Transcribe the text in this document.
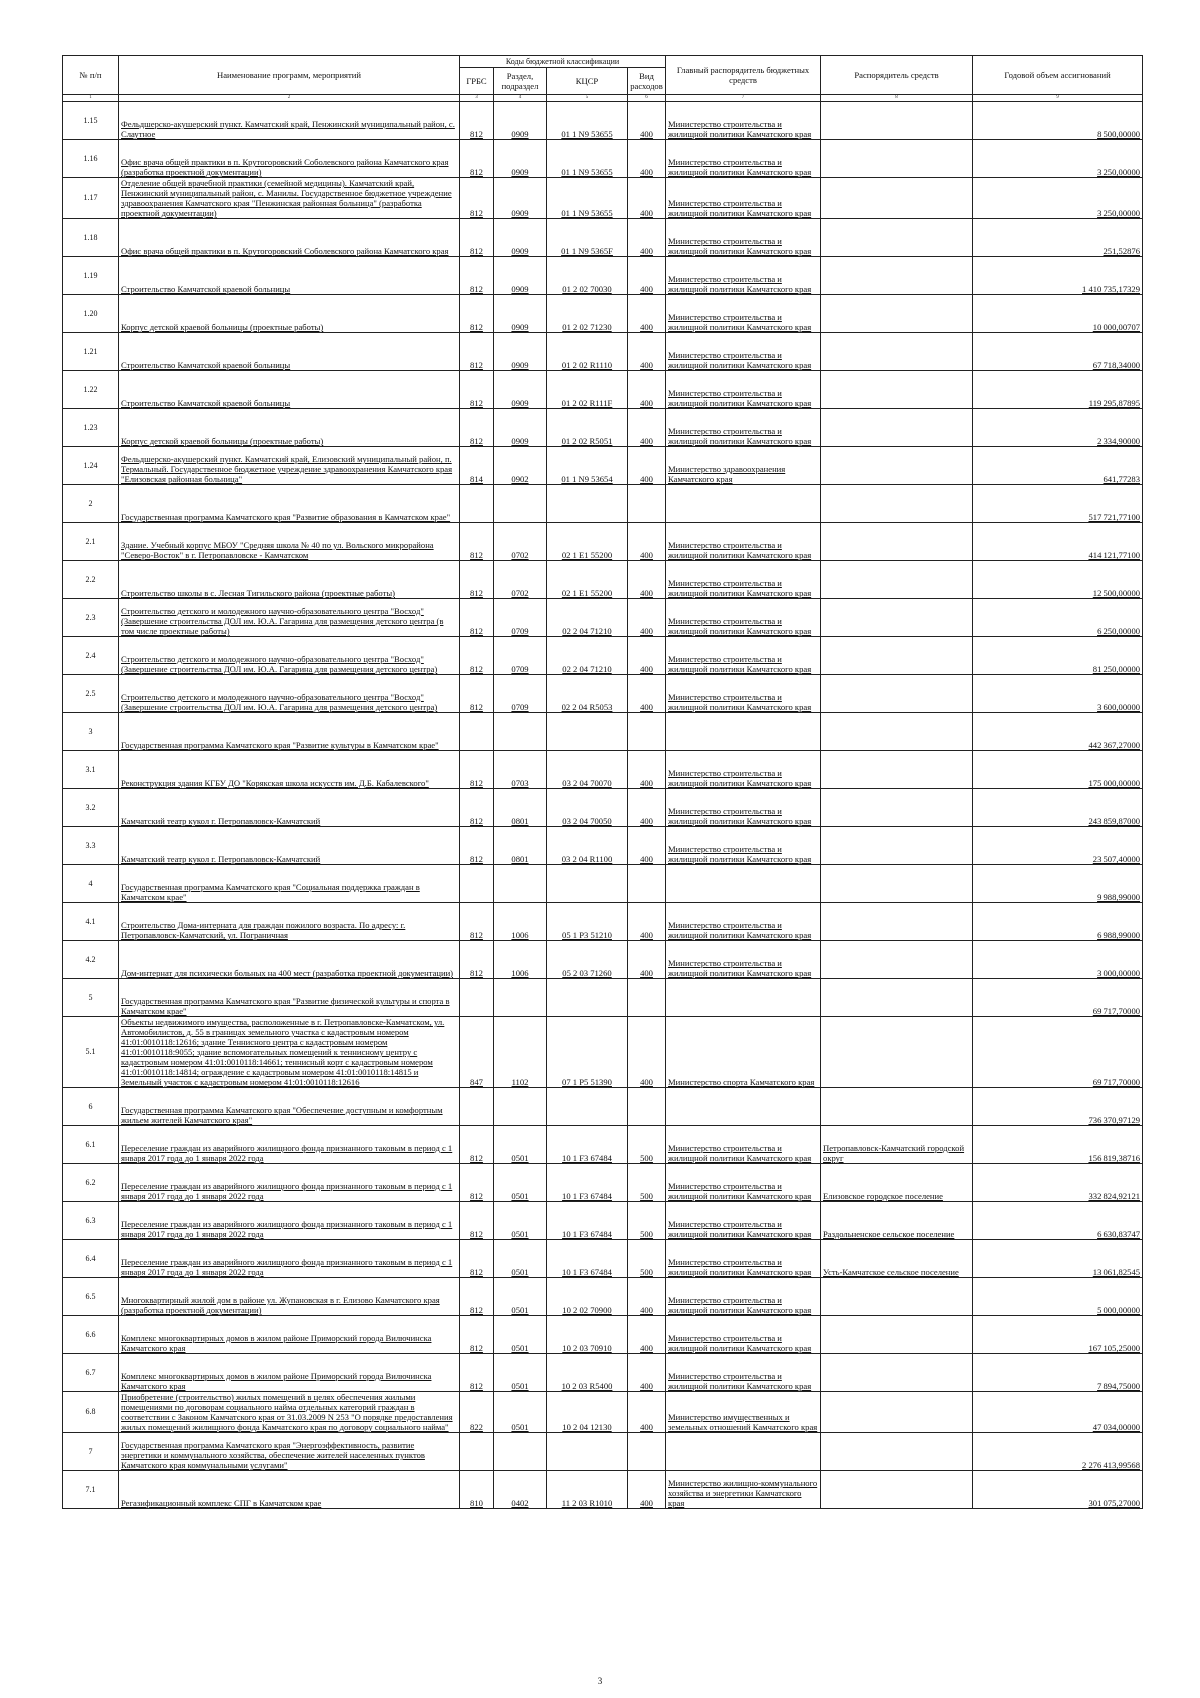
№ п/п	Наименование программ, мероприятий	Коды бюджетной классификации				Главный распорядитель бюджетных средств	Распорядитель средств	Годовой объем ассигнований
		ГРБС	Раздел, подраздел	КЦСР	Вид расходов			
1	2	3	4	5	6	7	8	9
1.15	Фельдшерско-акушерский пункт. Камчатский край, Пенжинский муниципальный район, с. Слаутное	812	0909	01 1 N9 53655	400	Министерство строительства и жилищной политики Камчатского края		8 500,00000
1.16	Офис врача общей практики в п. Крутогоровский Соболевского района Камчатского края (разработка проектной документации)	812	0909	01 1 N9 53655	400	Министерство строительства и жилищной политики Камчатского края		3 250,00000
1.17	Отделение общей врачебной практики (семейной медицины). Камчатский край, Пенжинский муниципальный район, с. Манилы. Государственное бюджетное учреждение здравоохранения Камчатского края "Пенжинская районная больница" (разработка проектной документации)	812	0909	01 1 N9 53655	400	Министерство строительства и жилищной политики Камчатского края		3 250,00000
1.18	Офис врача общей практики в п. Крутогоровский Соболевского района Камчатского края	812	0909	01 1 N9 5365F	400	Министерство строительства и жилищной политики Камчатского края		251,52876
1.19	Строительство Камчатской краевой больницы	812	0909	01 2 02 70030	400	Министерство строительства и жилищной политики Камчатского края		1 410 735,17329
1.20	Корпус детской краевой больницы (проектные работы)	812	0909	01 2 02 71230	400	Министерство строительства и жилищной политики Камчатского края		10 000,00707
1.21	Строительство Камчатской краевой больницы	812	0909	01 2 02 R1110	400	Министерство строительства и жилищной политики Камчатского края		67 718,34000
1.22	Строительство Камчатской краевой больницы	812	0909	01 2 02 R111F	400	Министерство строительства и жилищной политики Камчатского края		119 295,87895
1.23	Корпус детской краевой больницы (проектные работы)	812	0909	01 2 02 R5051	400	Министерство строительства и жилищной политики Камчатского края		2 334,90000
1.24	Фельдшерско-акушерский пункт. Камчатский край, Елизовский муниципальный район, п. Термальный. Государственное бюджетное учреждение здравоохранения Камчатского края "Елизовская районная больница"	814	0902	01 1 N9 53654	400	Министерство здравоохранения Камчатского края		641,77283
2	Государственная программа Камчатского края "Развитие образования в Камчатском крае"							517 721,77100
2.1	Здание. Учебный корпус МБОУ "Средняя школа № 40 по ул. Вольского микрорайона "Северо-Восток" в г. Петропавловске - Камчатском	812	0702	02 1 E1 55200	400	Министерство строительства и жилищной политики Камчатского края		414 121,77100
2.2	Строительство школы в с. Лесная Тигильского района (проектные работы)	812	0702	02 1 E1 55200	400	Министерство строительства и жилищной политики Камчатского края		12 500,00000
2.3	Строительство детского и молодежного научно-образовательного центра "Восход" (Завершение строительства ДОЛ им. Ю.А. Гагарина для размещения детского центра (в том числе проектные работы)	812	0709	02 2 04 71210	400	Министерство строительства и жилищной политики Камчатского края		6 250,00000
2.4	Строительство детского и молодежного научно-образовательного центра "Восход" (Завершение строительства ДОЛ им. Ю.А. Гагарина для размещения детского центра)	812	0709	02 2 04 71210	400	Министерство строительства и жилищной политики Камчатского края		81 250,00000
2.5	Строительство детского и молодежного научно-образовательного центра "Восход" (Завершение строительства ДОЛ им. Ю.А. Гагарина для размещения детского центра)	812	0709	02 2 04 R5053	400	Министерство строительства и жилищной политики Камчатского края		3 600,00000
3	Государственная программа Камчатского края "Развитие культуры в Камчатском крае"							442 367,27000
3.1	Реконструкция здания КГБУ ДО "Корякская школа искусств им. Д.Б. Кабалевского"	812	0703	03 2 04 70070	400	Министерство строительства и жилищной политики Камчатского края		175 000,00000
3.2	Камчатский театр кукол г. Петропавловск-Камчатский	812	0801	03 2 04 70050	400	Министерство строительства и жилищной политики Камчатского края		243 859,87000
3.3	Камчатский театр кукол г. Петропавловск-Камчатский	812	0801	03 2 04 R1100	400	Министерство строительства и жилищной политики Камчатского края		23 507,40000
4	Государственная программа Камчатского края "Социальная поддержка граждан в Камчатском крае"							9 988,99000
4.1	Строительство Дома-интерната для граждан пожилого возраста. По адресу: г. Петропавловск-Камчатский, ул. Пограничная	812	1006	05 1 P3 51210	400	Министерство строительства и жилищной политики Камчатского края		6 988,99000
4.2	Дом-интернат для психически больных на 400 мест (разработка проектной документации)	812	1006	05 2 03 71260	400	Министерство строительства и жилищной политики Камчатского края		3 000,00000
5	Государственная программа Камчатского края "Развитие физической культуры и спорта в Камчатском крае"							69 717,70000
5.1	Объекты недвижимого имущества, расположенные в г. Петропавловске-Камчатском, ул. Автомобилистов, д. 55 в границах земельного участка с кадастровым номером 41:01:0010118:12616; здание Теннисного центра с кадастровым номером 41:01:0010118:9055; здание вспомогательных помещений к теннисному центру с кадастровым номером 41:01:0010118:14661; теннисный корт с кадастровым номером 41:01:0010118:14814; ограждение с кадастровым номером 41:01:0010118:14815 и Земельный участок с кадастровым номером 41:01:0010118:12616	847	1102	07 1 P5 51390	400	Министерство спорта Камчатского края		69 717,70000
6	Государственная программа Камчатского края "Обеспечение доступным и комфортным жильем жителей Камчатского края"							736 370,97129
6.1	Переселение граждан из аварийного жилищного фонда признанного таковым в период с 1 января 2017 года до 1 января 2022 года	812	0501	10 1 F3 67484	500	Министерство строительства и жилищной политики Камчатского края	Петропавловск-Камчатский городской округ	156 819,38716
6.2	Переселение граждан из аварийного жилищного фонда признанного таковым в период с 1 января 2017 года до 1 января 2022 года	812	0501	10 1 F3 67484	500	Министерство строительства и жилищной политики Камчатского края	Елизовское городское поселение	332 824,92121
6.3	Переселение граждан из аварийного жилищного фонда признанного таковым в период с 1 января 2017 года до 1 января 2022 года	812	0501	10 1 F3 67484	500	Министерство строительства и жилищной политики Камчатского края	Раздольненское сельское поселение	6 630,83747
6.4	Переселение граждан из аварийного жилищного фонда признанного таковым в период с 1 января 2017 года до 1 января 2022 года	812	0501	10 1 F3 67484	500	Министерство строительства и жилищной политики Камчатского края	Усть-Камчатское сельское поселение	13 061,82545
6.5	Многоквартирный жилой дом в районе ул. Жупановская в г. Елизово Камчатского края (разработка проектной документации)	812	0501	10 2 02 70900	400	Министерство строительства и жилищной политики Камчатского края		5 000,00000
6.6	Комплекс многоквартирных домов в жилом районе Приморский города Вилючинска Камчатского края	812	0501	10 2 03 70910	400	Министерство строительства и жилищной политики Камчатского края		167 105,25000
6.7	Комплекс многоквартирных домов в жилом районе Приморский города Вилючинска Камчатского края	812	0501	10 2 03 R5400	400	Министерство строительства и жилищной политики Камчатского края		7 894,75000
6.8	Приобретение (строительство) жилых помещений в целях обеспечения жилыми помещениями по договорам социального найма отдельных категорий граждан в соответствии с Законом Камчатского края от 31.03.2009 N 253 "О порядке предоставления жилых помещений жилищного фонда Камчатского края по договору социального найма"	822	0501	10 2 04 12130	400	Министерство имущественных и земельных отношений Камчатского края		47 034,00000
7	Государственная программа Камчатского края "Энергоэффективность, развитие энергетики и коммунального хозяйства, обеспечение жителей населенных пунктов Камчатского края коммунальными услугами"							2 276 413,99568
7.1	Регазификационный комплекс СПГ в Камчатском крае	810	0402	11 2 03 R1010	400	Министерство жилищно-коммунального хозяйства и энергетики Камчатского края		301 075,27000
3
